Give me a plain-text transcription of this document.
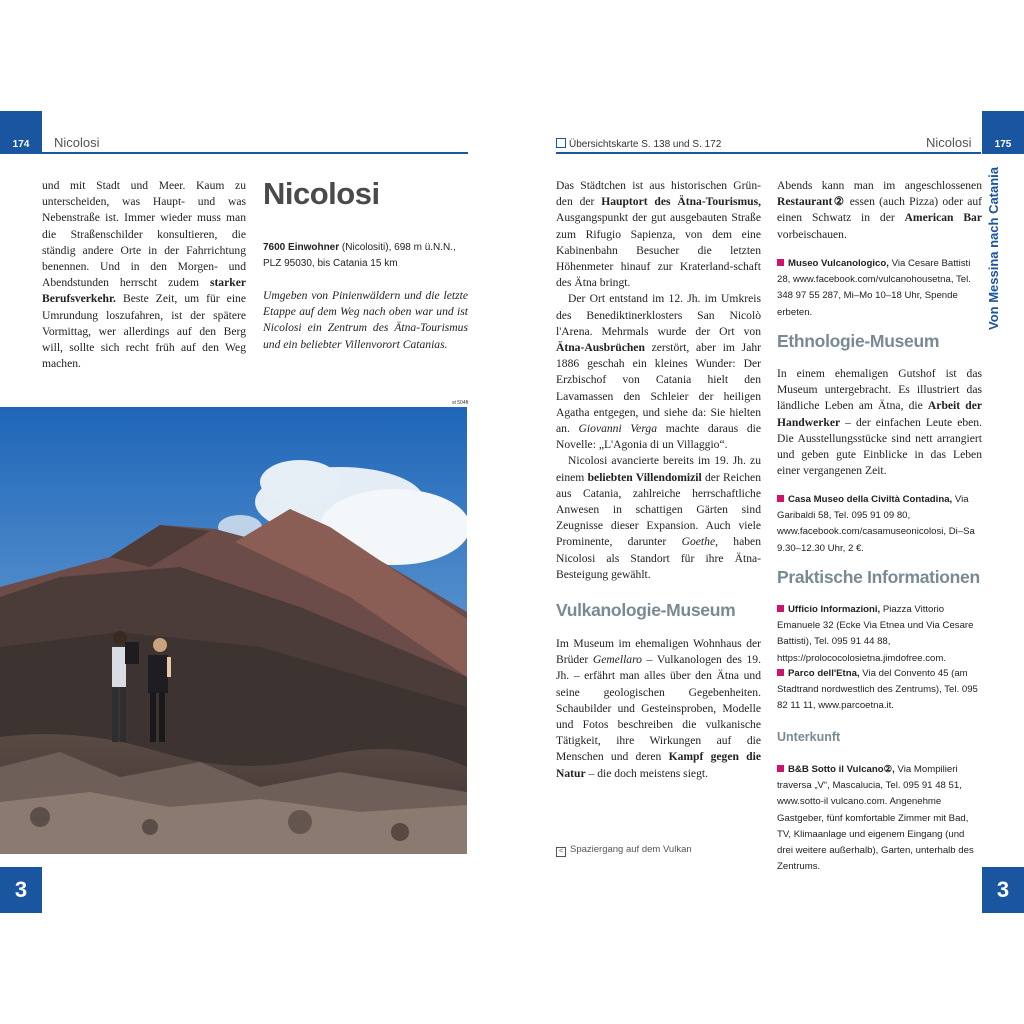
174	Nicolosi

und mit Stadt und Meer. Kaum zu unterscheiden, was Haupt- und was Nebenstraße ist. Immer wieder muss man die Straßenschilder konsultieren, die ständig andere Orte in der Fahrrichtung benennen. Und in den Morgen- und Abendstunden herrscht zudem starker Berufsverkehr. Beste Zeit, um für eine Umrundung loszufahren, ist der spätere Vormittag, wer allerdings auf den Berg will, sollte sich recht früh auf den Weg machen.

Nicolosi
7600 Einwohner (Nicolositi), 698 m ü.N.N., PLZ 95030, bis Catania 15 km
Umgeben von Pinienwäldern und die letzte Etappe auf dem Weg nach oben war und ist Nicolosi ein Zentrum des Ätna-Tourismus und ein beliebter Villenvorort Catanias.
st 504ft
3
Übersichtskarte S. 138 und S. 172	Nicolosi	175
Von Messina nach Catania

Das Städtchen ist aus historischen Grün-den der Hauptort des Ätna-Tourismus, Ausgangspunkt der gut ausgebauten Straße zum Rifugio Sapienza, von dem eine Kabinenbahn Besucher die letzten Höhenmeter hinauf zur Kraterland-schaft des Ätna bringt.

Der Ort entstand im 12. Jh. im Umkreis des Benediktinerklosters San Nicolò l'Arena. Mehrmals wurde der Ort von Ätna-Ausbrüchen zerstört, aber im Jahr 1886 geschah ein kleines Wunder: Der Erzbischof von Catania hielt den Lavamassen den Schleier der heiligen Agatha entgegen, und siehe da: Sie hielten an. Giovanni Verga machte daraus die Novelle: „L'Agonia di un Villaggio“.

Nicolosi avancierte bereits im 19. Jh. zu einem beliebten Villendomizil der Reichen aus Catania, zahlreiche herrschaftliche Anwesen in schattigen Gärten sind Zeugnisse dieser Expansion. Auch viele Prominente, darunter Goethe, haben Nicolosi als Standort für ihre Ätna-Besteigung gewählt.

Vulkanologie-Museum

Im Museum im ehemaligen Wohnhaus der Brüder Gemellaro – Vulkanologen des 19. Jh. – erfährt man alles über den Ätna und seine geologischen Gegebenheiten. Schaubilder und Gesteinsproben, Modelle und Fotos beschreiben die vulkanische Tätigkeit, ihre Wirkungen auf die Menschen und deren Kampf gegen die Natur – die doch meistens siegt.

< Spaziergang auf dem Vulkan

Abends kann man im angeschlossenen Restaurant② essen (auch Pizza) oder auf einen Schwatz in der American Bar vorbeischauen.

Museo Vulcanologico, Via Cesare Battisti 28, www.facebook.com/vulcanohousetna, Tel. 348 97 55 287, Mi–Mo 10–18 Uhr, Spende erbeten.
Ethnologie-Museum

In einem ehemaligen Gutshof ist das Museum untergebracht. Es illustriert das ländliche Leben am Ätna, die Arbeit der Handwerker – der einfachen Leute eben. Die Ausstellungsstücke sind nett arrangiert und geben gute Einblicke in das Leben einer vergangenen Zeit.

Casa Museo della Civiltà Contadina, Via Garibaldi 58, Tel. 095 91 09 80, www.facebook.com/casamuseonicolosi, Di–Sa 9.30–12.30 Uhr, 2 €.
Praktische Informationen
Ufficio Informazioni, Piazza Vittorio Emanuele 32 (Ecke Via Etnea und Via Cesare Battisti), Tel. 095 91 44 88, https://prolococolosietna.jimdofree.com.
Parco dell'Etna, Via del Convento 45 (am Stadtrand nordwestlich des Zentrums), Tel. 095 82 11 11, www.parcoetna.it.
Unterkunft
B&B Sotto il Vulcano②, Via Mompilieri traversa „V“, Mascalucia, Tel. 095 91 48 51, www.sotto-il vulcano.com. Angenehme Gastgeber, fünf komfortable Zimmer mit Bad, TV, Klimaanlage und eigenem Eingang (und drei weitere außerhalb), Garten, unterhalb des Zentrums.
3
